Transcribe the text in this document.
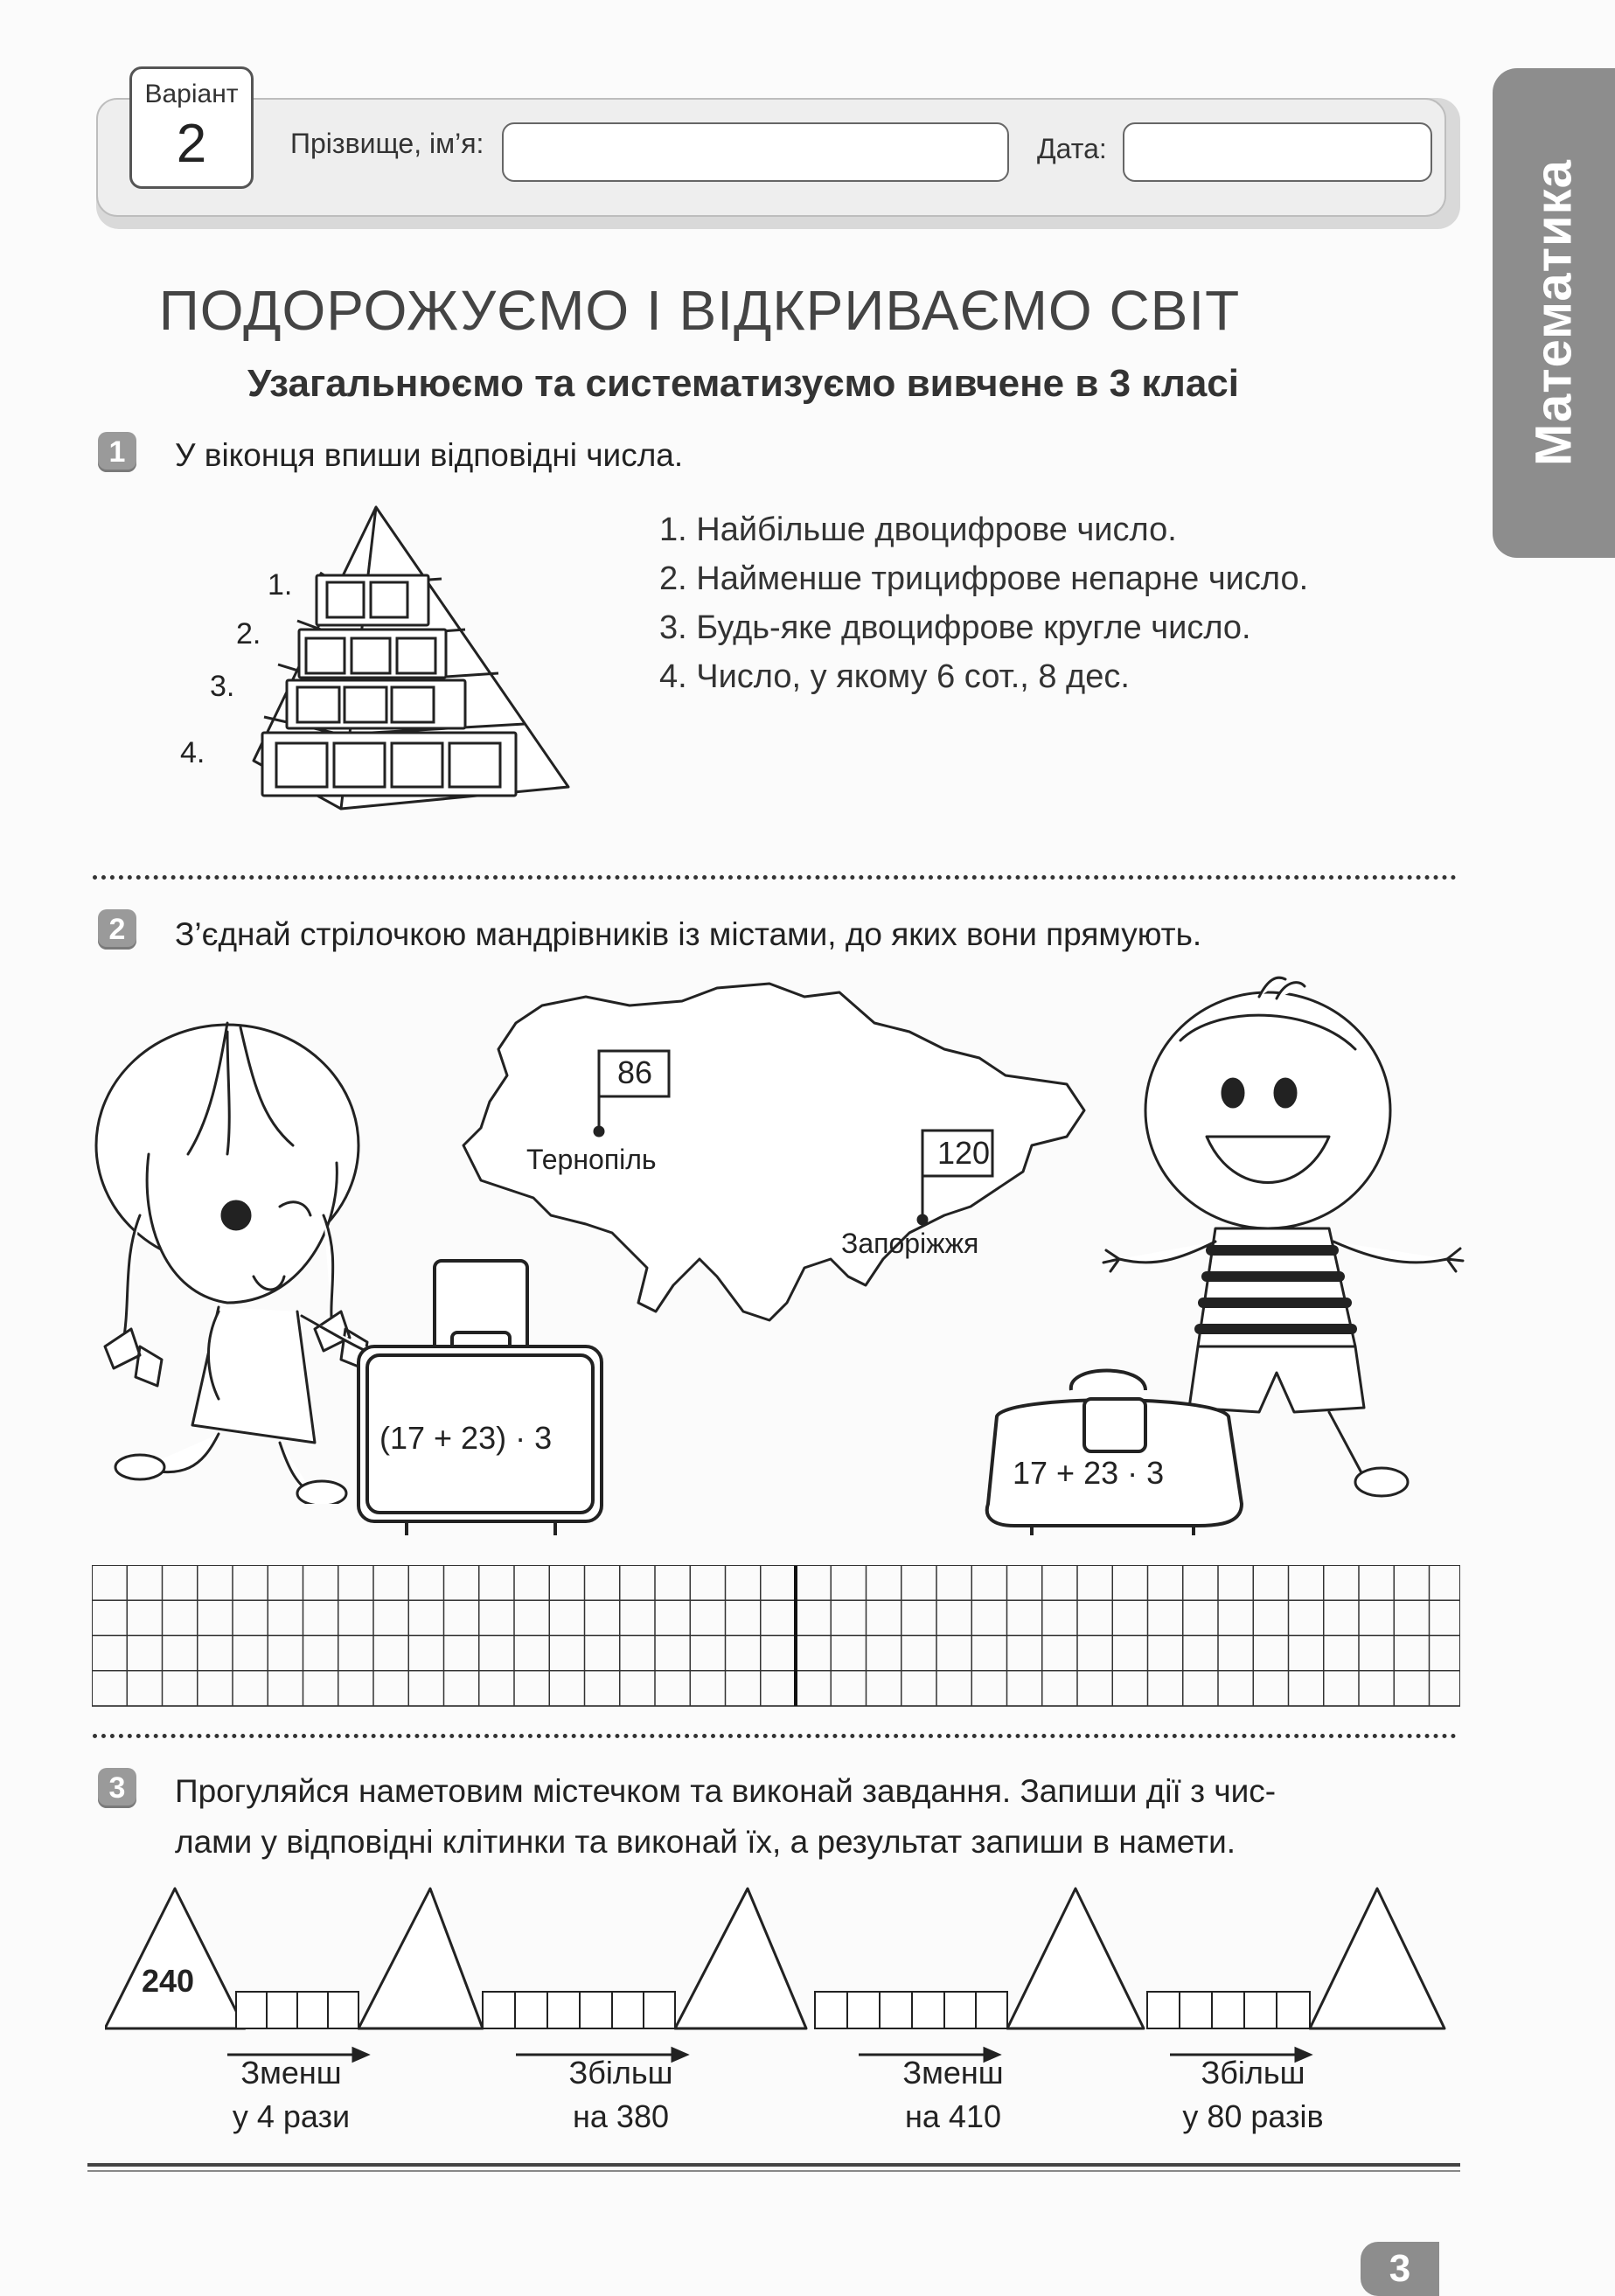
Варіант
2	Прізвище, ім’я:	Дата:
Математика
ПОДОРОЖУЄМО І ВІДКРИВАЄМО СВІТ
Узагальнюємо та систематизуємо вивчене в 3 класі
1	У віконця впиши відповідні числа.
1.
2.
3.
4.
1. Найбільше двоцифрове число.
2. Найменше трицифрове непарне число.
3. Будь-яке двоцифрове кругле число.
4. Число, у якому 6 сот., 8 дес.
2	З’єднай стрілочкою мандрівників із містами, до яких вони прямують.
(17 + 23) · 3
86
Тернопіль	120
Запоріжжя
17 + 23 · 3
3	Прогуляйся наметовим містечком та виконай завдання. Запиши дії з чис-
лами у відповідні клітинки та виконай їх, а результат запиши в намети.
240
Зменш
у 4 рази
Збільш
на 380
Зменш
на 410
Збільш
у 80 разів
3
